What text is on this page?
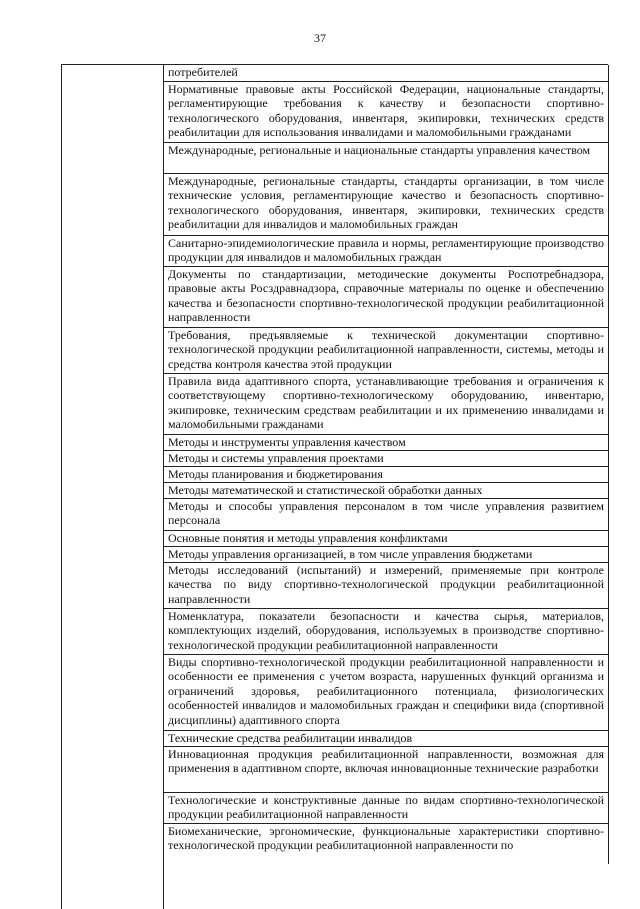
37
потребителей
Нормативные правовые акты Российской Федерации, национальные стандарты, регламентирующие требования к качеству и безопасности спортивно-технологического оборудования, инвентаря, экипировки, технических средств реабилитации для использования инвалидами и маломобильными гражданами
Международные, региональные и национальные стандарты управления качеством
Международные, региональные стандарты, стандарты организации, в том числе технические условия, регламентирующие качество и безопасность спортивно-технологического оборудования, инвентаря, экипировки, технических средств реабилитации для инвалидов и маломобильных граждан
Санитарно-эпидемиологические правила и нормы, регламентирующие производство продукции для инвалидов и маломобильных граждан
Документы по стандартизации, методические документы Роспотребнадзора, правовые акты Росздравнадзора, справочные материалы по оценке и обеспечению качества и безопасности спортивно-технологической продукции реабилитационной направленности
Требования, предъявляемые к технической документации спортивно-технологической продукции реабилитационной направленности, системы, методы и средства контроля качества этой продукции
Правила вида адаптивного спорта, устанавливающие требования и ограничения к соответствующему спортивно-технологическому оборудованию, инвентарю, экипировке, техническим средствам реабилитации и их применению инвалидами и маломобильными гражданами
Методы и инструменты управления качеством
Методы и системы управления проектами
Методы планирования и бюджетирования
Методы математической и статистической обработки данных
Методы и способы управления персоналом в том числе управления развитием персонала
Основные понятия и методы управления конфликтами
Методы управления организацией, в том числе управления бюджетами
Методы исследований (испытаний) и измерений, применяемые при контроле качества по виду спортивно-технологической продукции реабилитационной направленности
Номенклатура, показатели безопасности и качества сырья, материалов, комплектующих изделий, оборудования, используемых в производстве спортивно-технологической продукции реабилитационной направленности
Виды спортивно-технологической продукции реабилитационной направленности и особенности ее применения с учетом возраста, нарушенных функций организма и ограничений здоровья, реабилитационного потенциала, физиологических особенностей инвалидов и маломобильных граждан и специфики вида (спортивной дисциплины) адаптивного спорта
Технические средства реабилитации инвалидов
Инновационная продукция реабилитационной направленности, возможная для применения в адаптивном спорте, включая инновационные технические разработки
Технологические и конструктивные данные по видам спортивно-технологической продукции реабилитационной направленности
Биомеханические, эргономические, функциональные характеристики спортивно-технологической продукции реабилитационной направленности по
